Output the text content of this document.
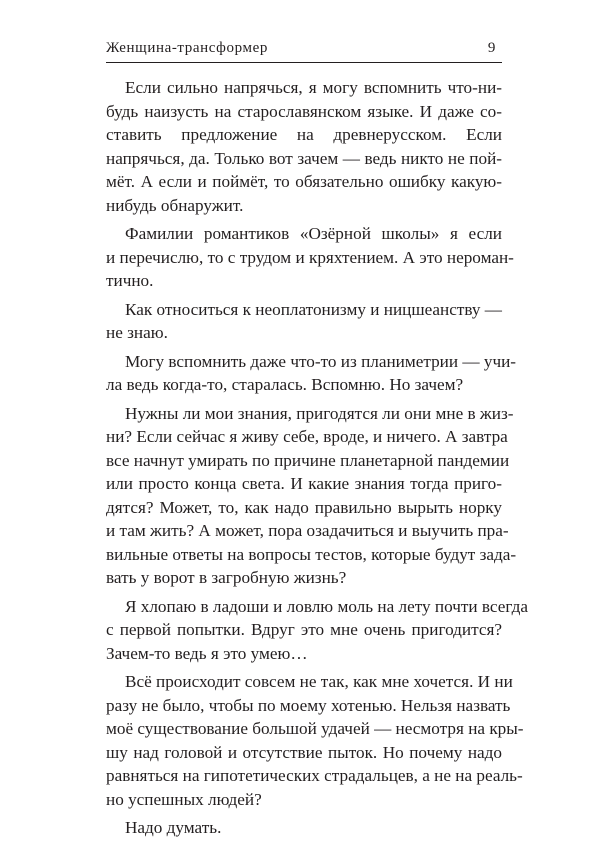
Женщина-трансформер	9
Если сильно напрячься, я могу вспомнить что-ни-
будь наизусть на старославянском языке. И даже со-
ставить предложение на древнерусском. Если
напрячься, да. Только вот зачем — ведь никто не пой-
мёт. А если и поймёт, то обязательно ошибку какую-
нибудь обнаружит.
Фамилии романтиков «Озёрной школы» я если
и перечислю, то с трудом и кряхтением. А это нероман-
тично.
Как относиться к неоплатонизму и ницшеанству —
не знаю.
Могу вспомнить даже что-то из планиметрии — учи-
ла ведь когда-то, старалась. Вспомню. Но зачем?
Нужны ли мои знания, пригодятся ли они мне в жиз-
ни? Если сейчас я живу себе, вроде, и ничего. А завтра
все начнут умирать по причине планетарной пандемии
или просто конца света. И какие знания тогда приго-
дятся? Может, то, как надо правильно вырыть норку
и там жить? А может, пора озадачиться и выучить пра-
вильные ответы на вопросы тестов, которые будут зада-
вать у ворот в загробную жизнь?
Я хлопаю в ладоши и ловлю моль на лету почти всегда
с первой попытки. Вдруг это мне очень пригодится?
Зачем-то ведь я это умею…
Всё происходит совсем не так, как мне хочется. И ни
разу не было, чтобы по моему хотенью. Нельзя назвать
моё существование большой удачей — несмотря на кры-
шу над головой и отсутствие пыток. Но почему надо
равняться на гипотетических страдальцев, а не на реаль-
но успешных людей?
Надо думать.
